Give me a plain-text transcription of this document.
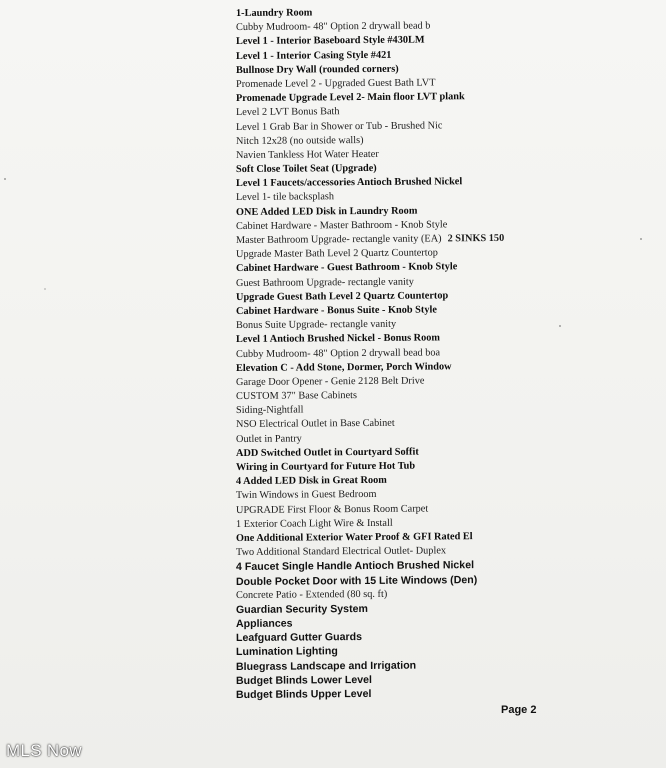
1-Laundry Room
Cubby Mudroom- 48" Option 2 drywall bead b
Level 1 - Interior Baseboard Style #430LM
Level 1 - Interior Casing Style #421
Bullnose Dry Wall (rounded corners)
Promenade Level 2 - Upgraded Guest Bath LVT
Promenade Upgrade Level 2- Main floor LVT plank
Level 2 LVT Bonus Bath
Level 1 Grab Bar in Shower or Tub - Brushed Nic
Nitch 12x28 (no outside walls)
Navien Tankless Hot Water Heater
Soft Close Toilet Seat (Upgrade)
Level 1 Faucets/accessories Antioch Brushed Nickel
Level 1- tile backsplash
ONE Added LED Disk in Laundry Room
Cabinet Hardware - Master Bathroom - Knob Style
Master Bathroom Upgrade- rectangle vanity (EA) 2 SINKS 150
Upgrade Master Bath Level 2 Quartz Countertop
Cabinet Hardware - Guest Bathroom - Knob Style
Guest Bathroom Upgrade- rectangle vanity
Upgrade Guest Bath Level 2 Quartz Countertop
Cabinet Hardware - Bonus Suite - Knob Style
Bonus Suite Upgrade- rectangle vanity
Level 1 Antioch Brushed Nickel - Bonus Room
Cubby Mudroom- 48" Option 2 drywall bead boa
Elevation C - Add Stone, Dormer, Porch Window
Garage Door Opener - Genie 2128 Belt Drive
CUSTOM 37" Base Cabinets
Siding-Nightfall
NSO Electrical Outlet in Base Cabinet
Outlet in Pantry
ADD Switched Outlet in Courtyard Soffit
Wiring in Courtyard for Future Hot Tub
4 Added LED Disk in Great Room
Twin Windows in Guest Bedroom
UPGRADE First Floor & Bonus Room Carpet
1 Exterior Coach Light Wire & Install
One Additional Exterior Water Proof & GFI Rated El
Two Additional Standard Electrical Outlet- Duplex
4 Faucet Single Handle Antioch Brushed Nickel
Double Pocket Door with 15 Lite Windows (Den)
Concrete Patio - Extended (80 sq. ft)
Guardian Security System
Appliances
Leafguard Gutter Guards
Lumination Lighting
Bluegrass Landscape and Irrigation
Budget Blinds Lower Level
Budget Blinds Upper Level
Page 2
MLS Now
